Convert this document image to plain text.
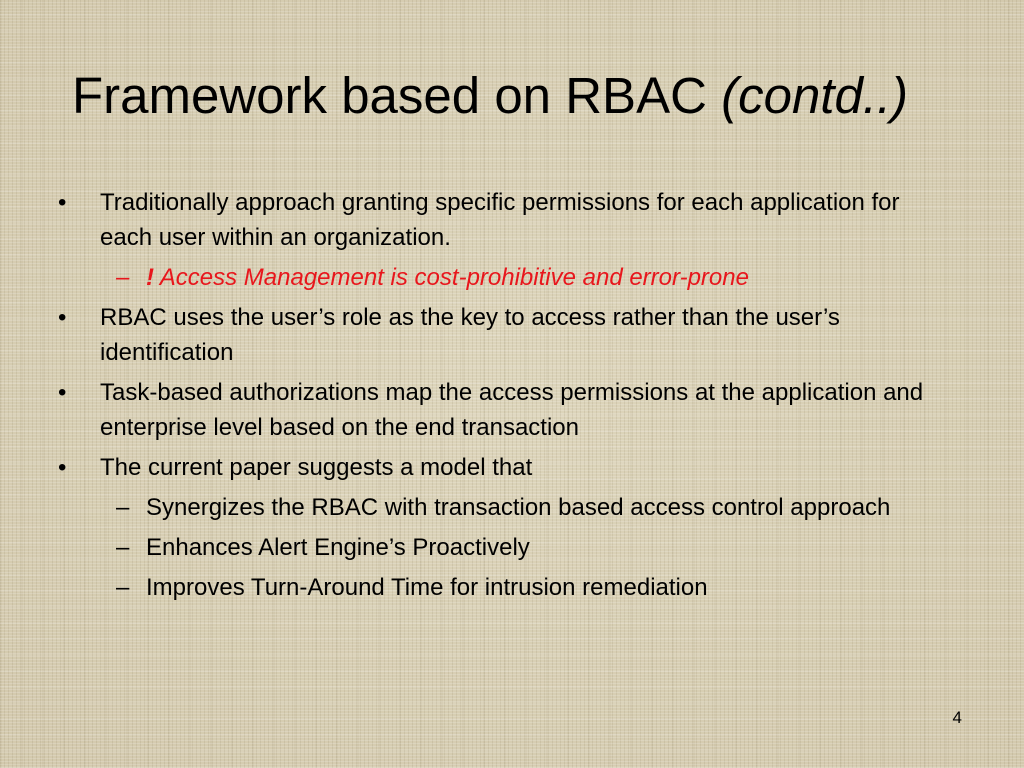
Framework based on RBAC (contd..)
• Traditionally approach granting specific permissions for each application for each user within an organization.
– ! Access Management is cost-prohibitive and error-prone
• RBAC uses the user’s role as the key to access rather than the user’s identification
• Task-based authorizations map the access permissions at the application and enterprise level based on the end transaction
• The current paper suggests a model that
– Synergizes the RBAC with transaction based access control approach
– Enhances Alert Engine’s Proactively
– Improves Turn-Around Time for intrusion remediation
4
